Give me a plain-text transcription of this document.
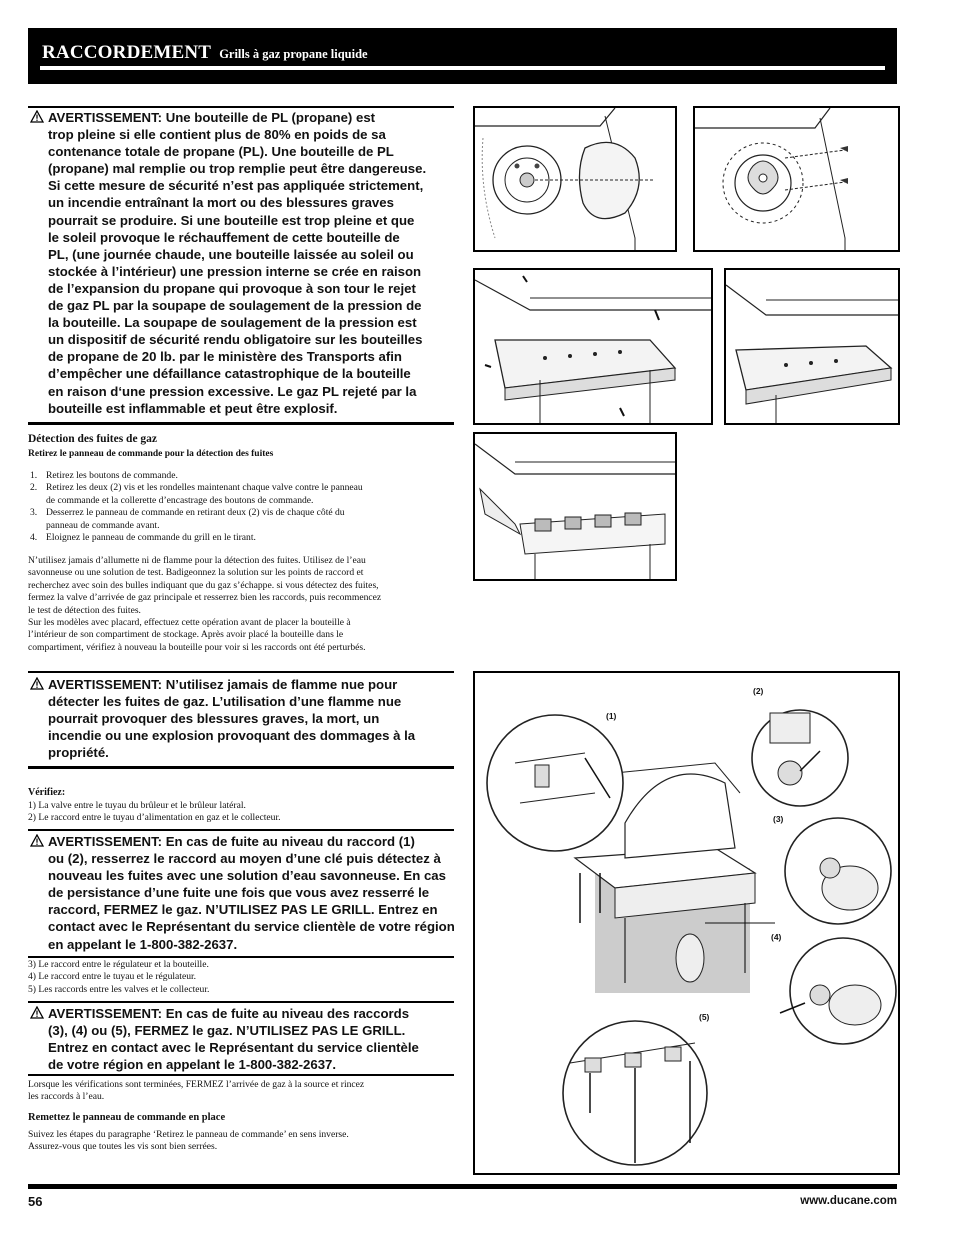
RACCORDEMENT Grills à gaz propane liquide
AVERTISSEMENT: Une bouteille de PL (propane) est
trop pleine si elle contient plus de 80% en poids de sa
contenance totale de propane (PL). Une bouteille de PL
(propane) mal remplie ou trop remplie peut être dangereuse.
Si cette mesure de sécurité n’est pas appliquée strictement,
un incendie entraînant la mort ou des blessures graves
pourrait se produire. Si une bouteille est trop pleine et que
le soleil provoque le réchauffement de cette bouteille de
PL, (une journée chaude, une bouteille laissée au soleil ou
stockée à l’intérieur) une pression interne se crée en raison
de l’expansion du propane qui provoque à son tour le rejet
de gaz PL par la soupape de soulagement de la pression de
la bouteille. La soupape de soulagement de la pression est
un dispositif de sécurité rendu obligatoire sur les bouteilles
de propane de 20 lb. par le ministère des Transports afin
d’empêcher une défaillance catastrophique de la bouteille
en raison d‘une pression excessive. Le gaz PL rejeté par la
bouteille est inflammable et peut être explosif.
Détection des fuites de gaz
Retirez le panneau de commande pour la détection des fuites
1. Retirez les boutons de commande.
2. Retirez les deux (2) vis et les rondelles maintenant chaque valve contre le panneau
de commande et la collerette d’encastrage des boutons de commande.
3. Desserrez le panneau de commande en retirant deux (2) vis de chaque côté du
panneau de commande avant.
4. Eloignez le panneau de commande du grill en le tirant.
N’utilisez jamais d’allumette ni de flamme pour la détection des fuites. Utilisez de l’eau
savonneuse ou une solution de test. Badigeonnez la solution sur les points de raccord et
recherchez avec soin des bulles indiquant que du gaz s’échappe. si vous détectez des fuites,
fermez la valve d’arrivée de gaz principale et resserrez bien les raccords, puis recommencez
le test de détection des fuites.
Sur les modèles avec placard, effectuez cette opération avant de placer la bouteille à
l’intérieur de son compartiment de stockage. Après avoir placé la bouteille dans le
compartiment, vérifiez à nouveau la bouteille pour voir si les raccords ont été perturbés.
AVERTISSEMENT: N’utilisez jamais de flamme nue pour
détecter les fuites de gaz. L’utilisation d’une flamme nue
pourrait provoquer des blessures graves, la mort, un
incendie ou une explosion provoquant des dommages à la
propriété.
Vérifiez:
1) La valve entre le tuyau du brûleur et le brûleur latéral.
2) Le raccord entre le tuyau d’alimentation en gaz et le collecteur.
AVERTISSEMENT: En cas de fuite au niveau du raccord (1)
ou (2), resserrez le raccord au moyen d’une clé puis détectez à
nouveau les fuites avec une solution d’eau savonneuse. En cas
de persistance d’une fuite une fois que vous avez resserré le
raccord, FERMEZ le gaz. N’UTILISEZ PAS LE GRILL. Entrez en
contact avec le Représentant du service clientèle de votre région
en appelant le 1-800-382-2637.
3) Le raccord entre le régulateur et la bouteille.
4) Le raccord entre le tuyau et le régulateur.
5) Les raccords entre les valves et le collecteur.
AVERTISSEMENT: En cas de fuite au niveau des raccords
(3), (4) ou (5), FERMEZ le gaz. N’UTILISEZ PAS LE GRILL.
Entrez en contact avec le Représentant du service clientèle
de votre région en appelant le 1-800-382-2637.
Lorsque les vérifications sont terminées, FERMEZ l’arrivée de gaz à la source et rincez
les raccords à l’eau.
Remettez le panneau de commande en place
Suivez les étapes du paragraphe ‘Retirez le panneau de commande’ en sens inverse.
Assurez-vous que toutes les vis sont bien serrées.
(1)
(2)
(3)
(4)
(5)
56	www.ducane.com
